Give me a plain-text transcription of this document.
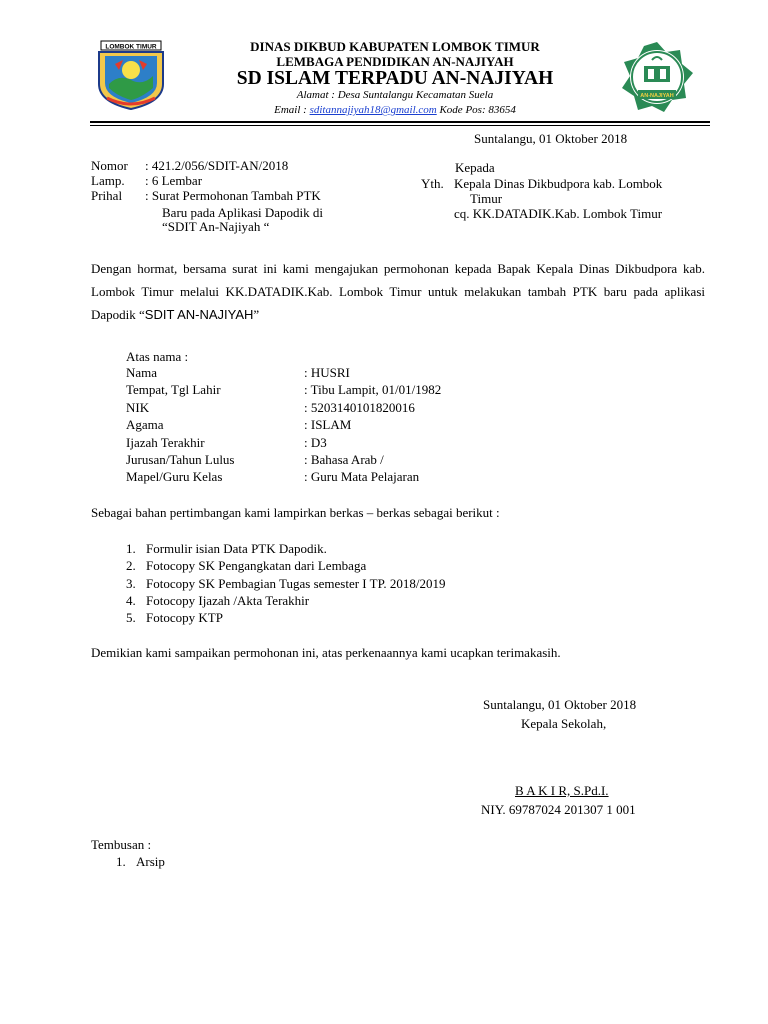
LOMBOK TIMUR
AN-NAJIYAH
DINAS DIKBUD KABUPATEN LOMBOK TIMUR
LEMBAGA PENDIDIKAN AN-NAJIYAH
SD ISLAM TERPADU AN-NAJIYAH
Alamat : Desa Suntalangu Kecamatan Suela
Email : sditannajiyah18@gmail.com Kode Pos: 83654
Suntalangu, 01 Oktober 2018
Nomor : 421.2/056/SDIT-AN/2018
Lamp. : 6 Lembar
Prihal : Surat Permohonan Tambah PTK
Baru pada Aplikasi Dapodik di
“SDIT An-Najiyah “
Kepada
Yth. Kepala Dinas Dikbudpora kab. Lombok
Timur
cq. KK.DATADIK.Kab. Lombok Timur
Dengan hormat, bersama surat ini kami mengajukan permohonan kepada Bapak Kepala Dinas Dikbudpora kab. Lombok Timur melalui KK.DATADIK.Kab. Lombok Timur untuk melakukan tambah PTK baru pada aplikasi Dapodik “SDIT AN-NAJIYAH”
Atas nama :
Nama	: HUSRI
Tempat, Tgl Lahir	: Tibu Lampit, 01/01/1982
NIK	: 5203140101820016
Agama	: ISLAM
Ijazah Terakhir	: D3
Jurusan/Tahun Lulus	: Bahasa Arab /
Mapel/Guru Kelas	: Guru Mata Pelajaran
Sebagai bahan pertimbangan kami lampirkan berkas – berkas sebagai berikut :
1. Formulir isian Data PTK Dapodik.
2. Fotocopy SK Pengangkatan dari Lembaga
3. Fotocopy SK Pembagian Tugas semester I TP. 2018/2019
4. Fotocopy Ijazah /Akta Terakhir
5. Fotocopy KTP
Demikian kami sampaikan permohonan ini, atas perkenaannya kami ucapkan terimakasih.
Suntalangu, 01 Oktober 2018
Kepala Sekolah,
B A K I R, S.Pd.I.
NIY. 69787024 201307 1 001
Tembusan :
1. Arsip
